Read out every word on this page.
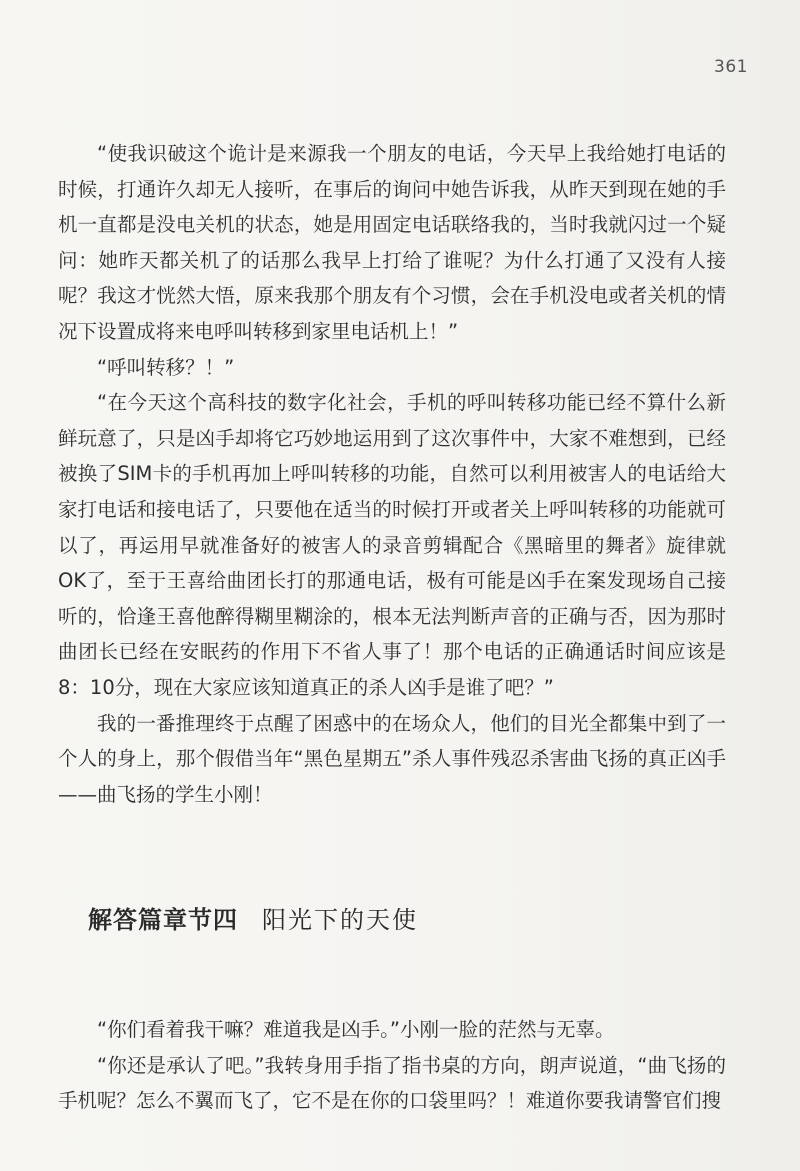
361

“使我识破这个诡计是来源我一个朋友的电话，今天早上我给她打电话的时候，打通许久却无人接听，在事后的询问中她告诉我，从昨天到现在她的手机一直都是没电关机的状态，她是用固定电话联络我的，当时我就闪过一个疑问：她昨天都关机了的话那么我早上打给了谁呢？为什么打通了又没有人接呢？我这才恍然大悟，原来我那个朋友有个习惯，会在手机没电或者关机的情况下设置成将来电呼叫转移到家里电话机上！”

“呼叫转移？！”

“在今天这个高科技的数字化社会，手机的呼叫转移功能已经不算什么新鲜玩意了，只是凶手却将它巧妙地运用到了这次事件中，大家不难想到，已经被换了SIM卡的手机再加上呼叫转移的功能，自然可以利用被害人的电话给大家打电话和接电话了，只要他在适当的时候打开或者关上呼叫转移的功能就可以了，再运用早就准备好的被害人的录音剪辑配合《黑暗里的舞者》旋律就OK了，至于王喜给曲团长打的那通电话，极有可能是凶手在案发现场自己接听的，恰逢王喜他醉得糊里糊涂的，根本无法判断声音的正确与否，因为那时曲团长已经在安眠药的作用下不省人事了！那个电话的正确通话时间应该是8：10分，现在大家应该知道真正的杀人凶手是谁了吧？”

我的一番推理终于点醒了困惑中的在场众人，他们的目光全都集中到了一个人的身上，那个假借当年“黑色星期五”杀人事件残忍杀害曲飞扬的真正凶手——曲飞扬的学生小刚！

解答篇章节四 阳光下的天使

“你们看着我干嘛？难道我是凶手。”小刚一脸的茫然与无辜。

“你还是承认了吧。”我转身用手指了指书桌的方向，朗声说道，“曲飞扬的手机呢？怎么不翼而飞了，它不是在你的口袋里吗？！难道你要我请警官们搜
